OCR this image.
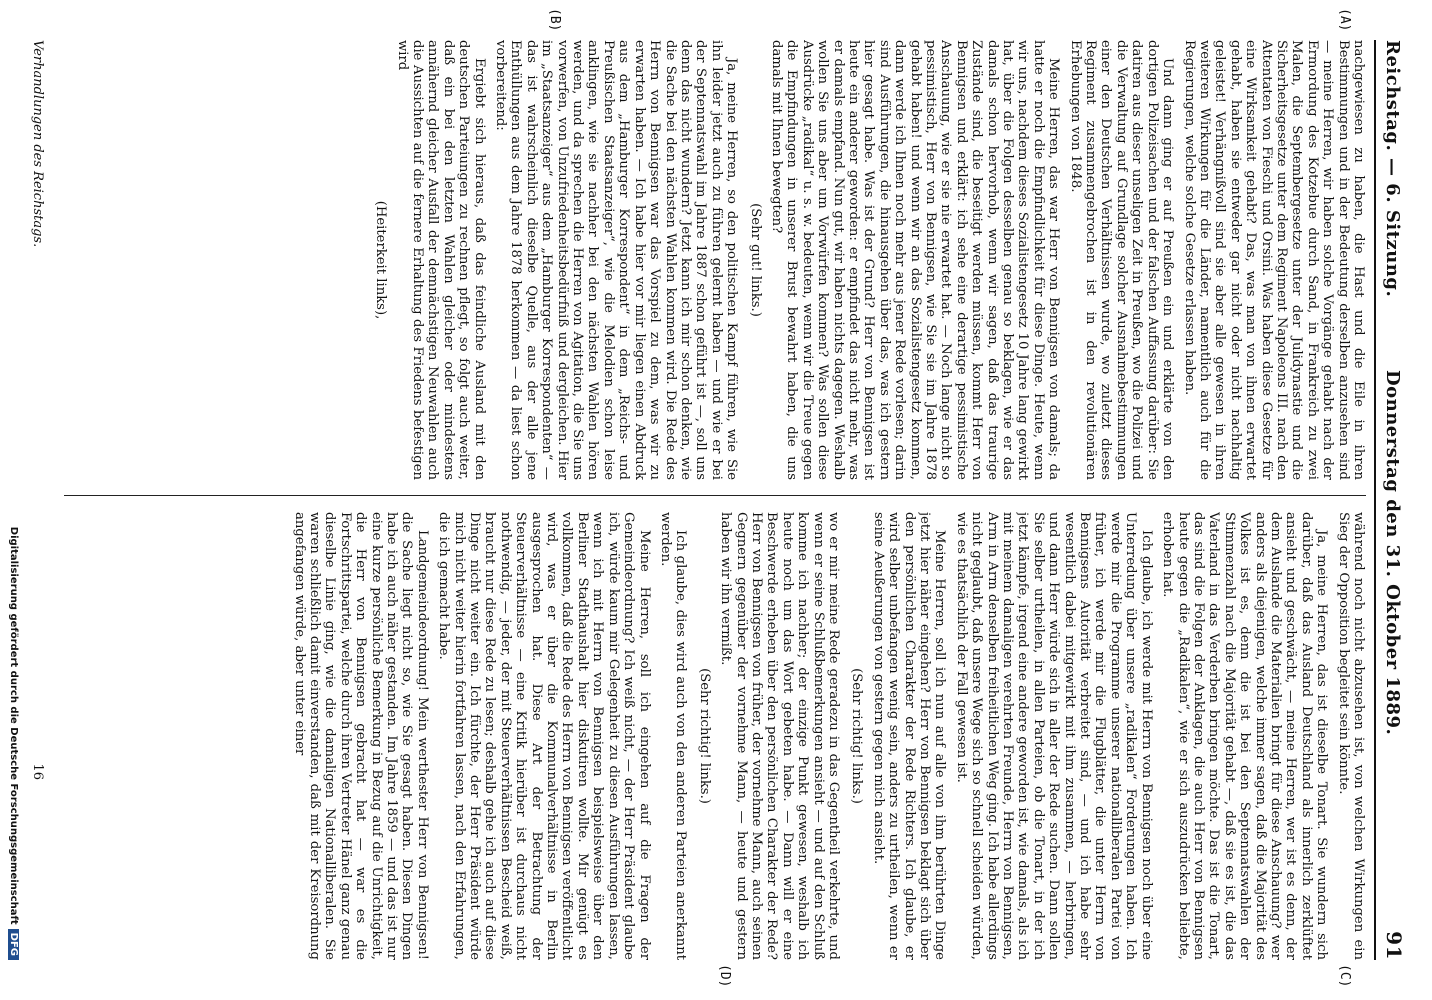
Reichstag. — 6. Sitzung.
Donnerstag den 31. Oktober 1889.
91
(A)
(B)
(C)
(D)

nachgewiesen zu haben, die Hast und die Eile in ihren Bestimmungen und in der Bedeutung derselben anzusehen sind — meine Herren, wir haben solche Vorgänge gehabt nach der Ermordung des Kotzebue durch Sand, in Frankreich zu zwei Malen, die Septembergesetze unter der Julidynastie und die Sicherheitsgesetze unter dem Regiment Napoleons III. nach den Attentaten von Fieschi und Orsini. Was haben diese Gesetze für eine Wirksamkeit gehabt? Das, was man von ihnen erwartet gehabt, haben sie entweder gar nicht oder nicht nachhaltig geleistet! Verhängnißvoll sind sie aber alle gewesen in ihren weiteren Wirkungen für die Länder, namentlich auch für die Regierungen, welche solche Gesetze erlassen haben.

Und dann ging er auf Preußen ein und erklärte von den dortigen Polizeisachen und der falschen Auffassung darüber: Sie datiren aus dieser unseligen Zeit in Preußen, wo die Polizei und die Verwaltung auf Grundlage solcher Ausnahmebestimmungen einer den Deutschen Verhältnissen wurde, wo zuletzt dieses Regiment zusammengebrochen ist in den revolutionären Erhebungen von 1848.

Meine Herren, das war Herr von Bennigsen von damals; da hatte er noch die Empfindlichkeit für diese Dinge. Heute, wenn wir uns, nachdem dieses Sozialistengesetz 10 Jahre lang gewirkt hat, über die Folgen desselben genau so beklagen, wie er das damals schon hervorhob, wenn wir sagen, daß das traurige Zustände sind, die beseitigt werden müssen, kommt Herr von Bennigsen und erklärt: ich sehe eine derartige pessimistische Anschauung, wie er sie nie erwartet hat. — Noch lange nicht so pessimistisch, Herr von Bennigsen, wie Sie sie im Jahre 1878 gehabt haben! und wenn wir an das Sozialistengesetz kommen, dann werde ich Ihnen noch mehr aus jener Rede vorlesen; darin sind Ausführungen, die hinausgehen über das, was ich gestern hier gesagt habe. Was ist der Grund? Herr von Bennigsen ist heute ein anderer geworden: er empfindet das nicht mehr, was er damals empfand. Nun gut, wir haben nichts dagegen. Weshalb wollen Sie uns aber um Vorwürfen kommen? Was sollen diese Ausdrücke „radikal“ u. s. w. bedeuten, wenn wir die Treue gegen die Empfindungen in unserer Brust bewahrt haben, die uns damals mit Ihnen bewegten?

(Sehr gut! links.)

Ja, meine Herren, so den politischen Kampf führen, wie Sie ihn leider jetzt auch zu führen gelernt haben — und wie er bei der Septennatswahl im Jahre 1887 schon geführt ist —, soll uns denn das nicht wundern? Jetzt kann ich mir schon denken, wie die Sache bei den nächsten Wahlen kommen wird. Die Rede des Herrn von Bennigsen war das Vorspiel zu dem, was wir zu erwarten haben. — Ich habe hier vor mir liegen einen Abdruck aus dem „Hamburger Korrespondent“ in dem „Reichs- und Preußischen Staatsanzeiger“, wie die Melodien schon leise anklingen, wie sie nachher bei den nächsten Wahlen hören werden, und da sprechen die Herren von Agitation, die Sie uns vorwerfen, von Unzufriedenheitsbedürfniß und dergleichen. Hier im „Staatsanzeiger“ aus dem „Hamburger Korrespondenten“ — das ist wahrscheinlich dieselbe Quelle, aus der alle jene Enthüllungen aus dem Jahre 1878 herkommen — da liest schon vorbereitend:

Ergiebt sich hieraus, daß das feindliche Ausland mit den deutschen Parteiungen zu rechnen pflegt, so folgt auch weiter, daß ein bei den letzten Wahlen gleicher oder mindestens annähernd gleicher Ausfall der demnächstigen Neuwahlen auch die Aussichten auf die fernere Erhaltung des Friedens befestigen wird

(Heiterkeit links),

während noch nicht abzusehen ist, von welchen Wirkungen ein Sieg der Opposition begleitet sein könnte.

Ja, meine Herren, das ist dieselbe Tonart. Sie wundern sich darüber, daß das Ausland Deutschland als innerlich zerklüftet ansieht und geschwächt, — meine Herren, wer ist es denn, der dem Auslande die Materialien bringt für diese Anschauung? wer anders als diejenigen, welche immer sagen, daß die Majorität des Volkes ist es, denn die ist bei den Septennatswahlen der Stimmenzahl nach die Majorität gehabt —, daß sie es ist, die das Vaterland in das Verderben bringen möchte. Das ist die Tonart, das sind die Folgen der Anklagen, die auch Herr von Bennigsen heute gegen die „Radikalen“, wie er sich auszudrücken beliebte, erhoben hat.

Ich glaube, ich werde mit Herrn von Bennigsen noch über eine Unterredung über unsere „radikalen“ Forderungen haben. Ich werde mir die Programme unserer nationalliberalen Partei von früher, ich werde mir die Flugblätter, die unter Herrn von Bennigsens Autorität verbreitet sind, — und ich habe sehr wesentlich dabei mitgewirkt mit ihm zusammen, — herbringen, und dann Herr würde sich in aller der Rede suchen. Dann sollen Sie selber urtheilen, in allen Parteien, ob die Tonart, in der ich jetzt kämpfe, irgend eine andere geworden ist, wie damals, als ich mit meinem damaligen verehrten Freunde, Herrn von Bennigsen, Arm in Arm denselben freiheitlichen Weg ging. Ich habe allerdings nicht geglaubt, daß unsere Wege sich so schnell scheiden würden, wie es thatsächlich der Fall gewesen ist.

Meine Herren, soll ich nun auf alle von ihm berührten Dinge jetzt hier näher eingehen? Herr von Bennigsen beklagt sich über den persönlichen Charakter der Rede Richters. Ich glaube, er wird selber unbefangen wenig sein, anders zu urtheilen, wenn er seine Aeußerungen von gestern gegen mich ansieht.

(Sehr richtig! links.)

wo er mir meine Rede geradezu in das Gegentheil verkehrte, und wenn er seine Schlußbemerkungen ansieht — und auf den Schluß komme ich nachher; der einzige Punkt gewesen, weshalb ich heute noch um das Wort gebeten habe. — Dann will er eine Beschwerde erheben über den persönlichen Charakter der Rede? Herr von Bennigsen von früher, der vornehme Mann, auch seinen Gegnern gegenüber der vornehme Mann, — heute und gestern haben wir ihn vermißt.

(Sehr richtig! links.)

Ich glaube, dies wird auch von den anderen Parteien anerkannt werden.

Meine Herren, soll ich eingehen auf die Fragen der Gemeindeordnung? Ich weiß nicht, — der Herr Präsident glaube ich, würde kaum mir Gelegenheit zu diesen Ausführungen lassen, wenn ich mit Herrn von Bennigsen beispielsweise über den Berliner Stadthaushalt hier diskutiren wollte. Mir genügt es vollkommen, daß die Rede des Herrn von Bennigsen veröffentlicht wird, was er über die Kommunalverhältnisse in Berlin ausgesprochen hat. Diese Art der Betrachtung der Steuerverhältnisse — eine Kritik hierüber ist durchaus nicht nothwendig, — jeder, der mit Steuerverhältnissen Bescheid weiß, braucht nur diese Rede zu lesen; deshalb gehe ich auch auf diese Dinge nicht weiter ein. Ich fürchte, der Herr Präsident würde mich nicht weiter hierin fortfahren lassen, nach den Erfahrungen, die ich gemacht habe.

Landgemeindeordnung! Mein werthester Herr von Bennigsen! die Sache liegt nicht so, wie Sie gesagt haben. Diesen Dingen habe ich auch näher gestanden. Im Jahre 1859 — und das ist nur eine kurze persönliche Bemerkung in Bezug auf die Unrichtigkeit, die Herr von Bennigsen gebracht hat — war es die Fortschrittspartei, welche durch ihren Vertreter Hänel ganz genau dieselbe Linie ging, wie die damaligen Nationalliberalen. Sie waren schließlich damit einverstanden, daß mit der Kreisordnung angefangen würde, aber unter einer

Verhandlungen des Reichstags.
16
Digitalisierung gefördert durch die Deutsche ForschungsgemeinschaftDFG
